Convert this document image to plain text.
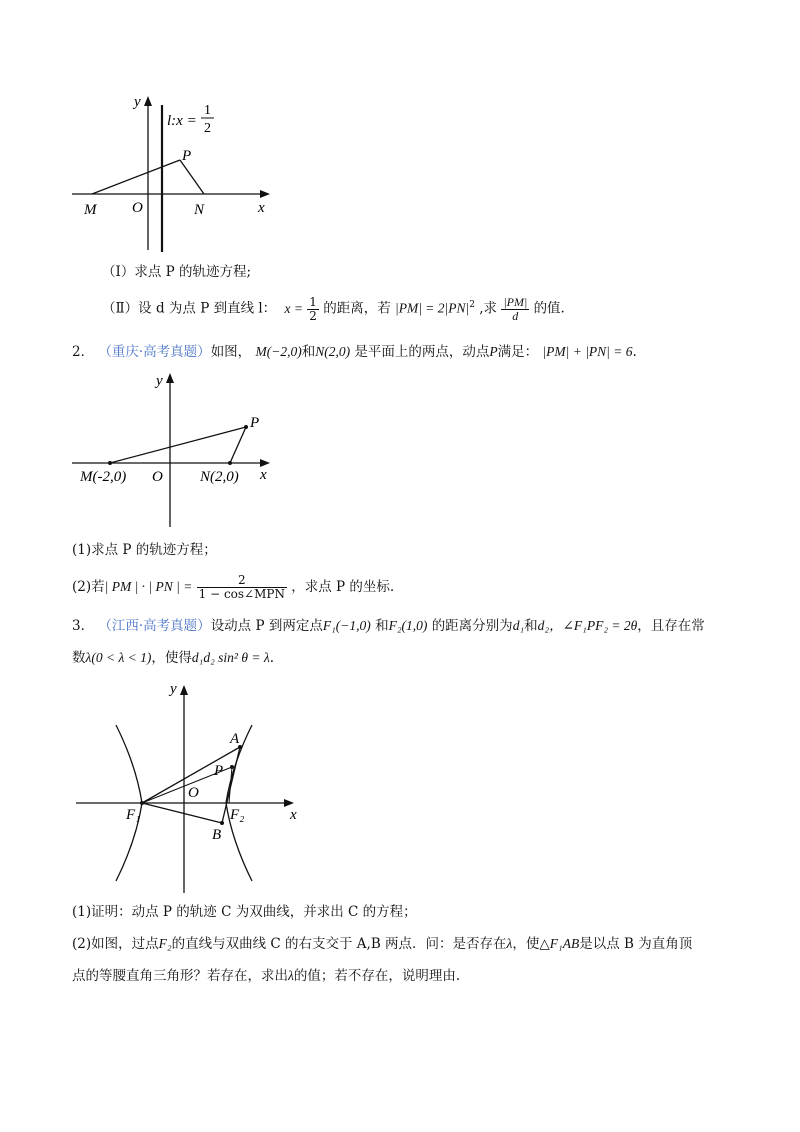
y
x
O
M	N
P
l:x =
1
2
（Ⅰ）求点 P 的轨迹方程;
（Ⅱ）设 d 为点 P 到直线 l： $x = \frac{1}{2}$ 的距离，若 $|PM| = 2|PN|^2$ ,求 $\frac{|PM|}{d}$ 的值.
2． （重庆·高考真题）如图， M(−2,0)和N(2,0) 是平面上的两点，动点P满足： |PM| + |PN| = 6.
y
x
O
M(-2,0)	N(2,0)
P
(1)求点 P 的轨迹方程；
(2)若| PM | · | PN | = $\frac{2}{\text{1 − cos∠MPN}}$ ，求点 P 的坐标.
3． （江西·高考真题）设动点 P 到两定点F₁(−1,0) 和F₂(1,0) 的距离分别为d₁和d₂，∠F₁PF₂ = 2θ，且存在常
数λ(0 < λ < 1)，使得d₁d₂ sin² θ = λ.
y
x
O
A
P
B
F₁	F₂
(1)证明：动点 P 的轨迹 C 为双曲线，并求出 C 的方程；
(2)如图，过点F₂的直线与双曲线 C 的右支交于 A,B 两点．问：是否存在λ，使△F₁AB是以点 B 为直角顶
点的等腰直角三角形？若存在，求出λ的值；若不存在，说明理由.
